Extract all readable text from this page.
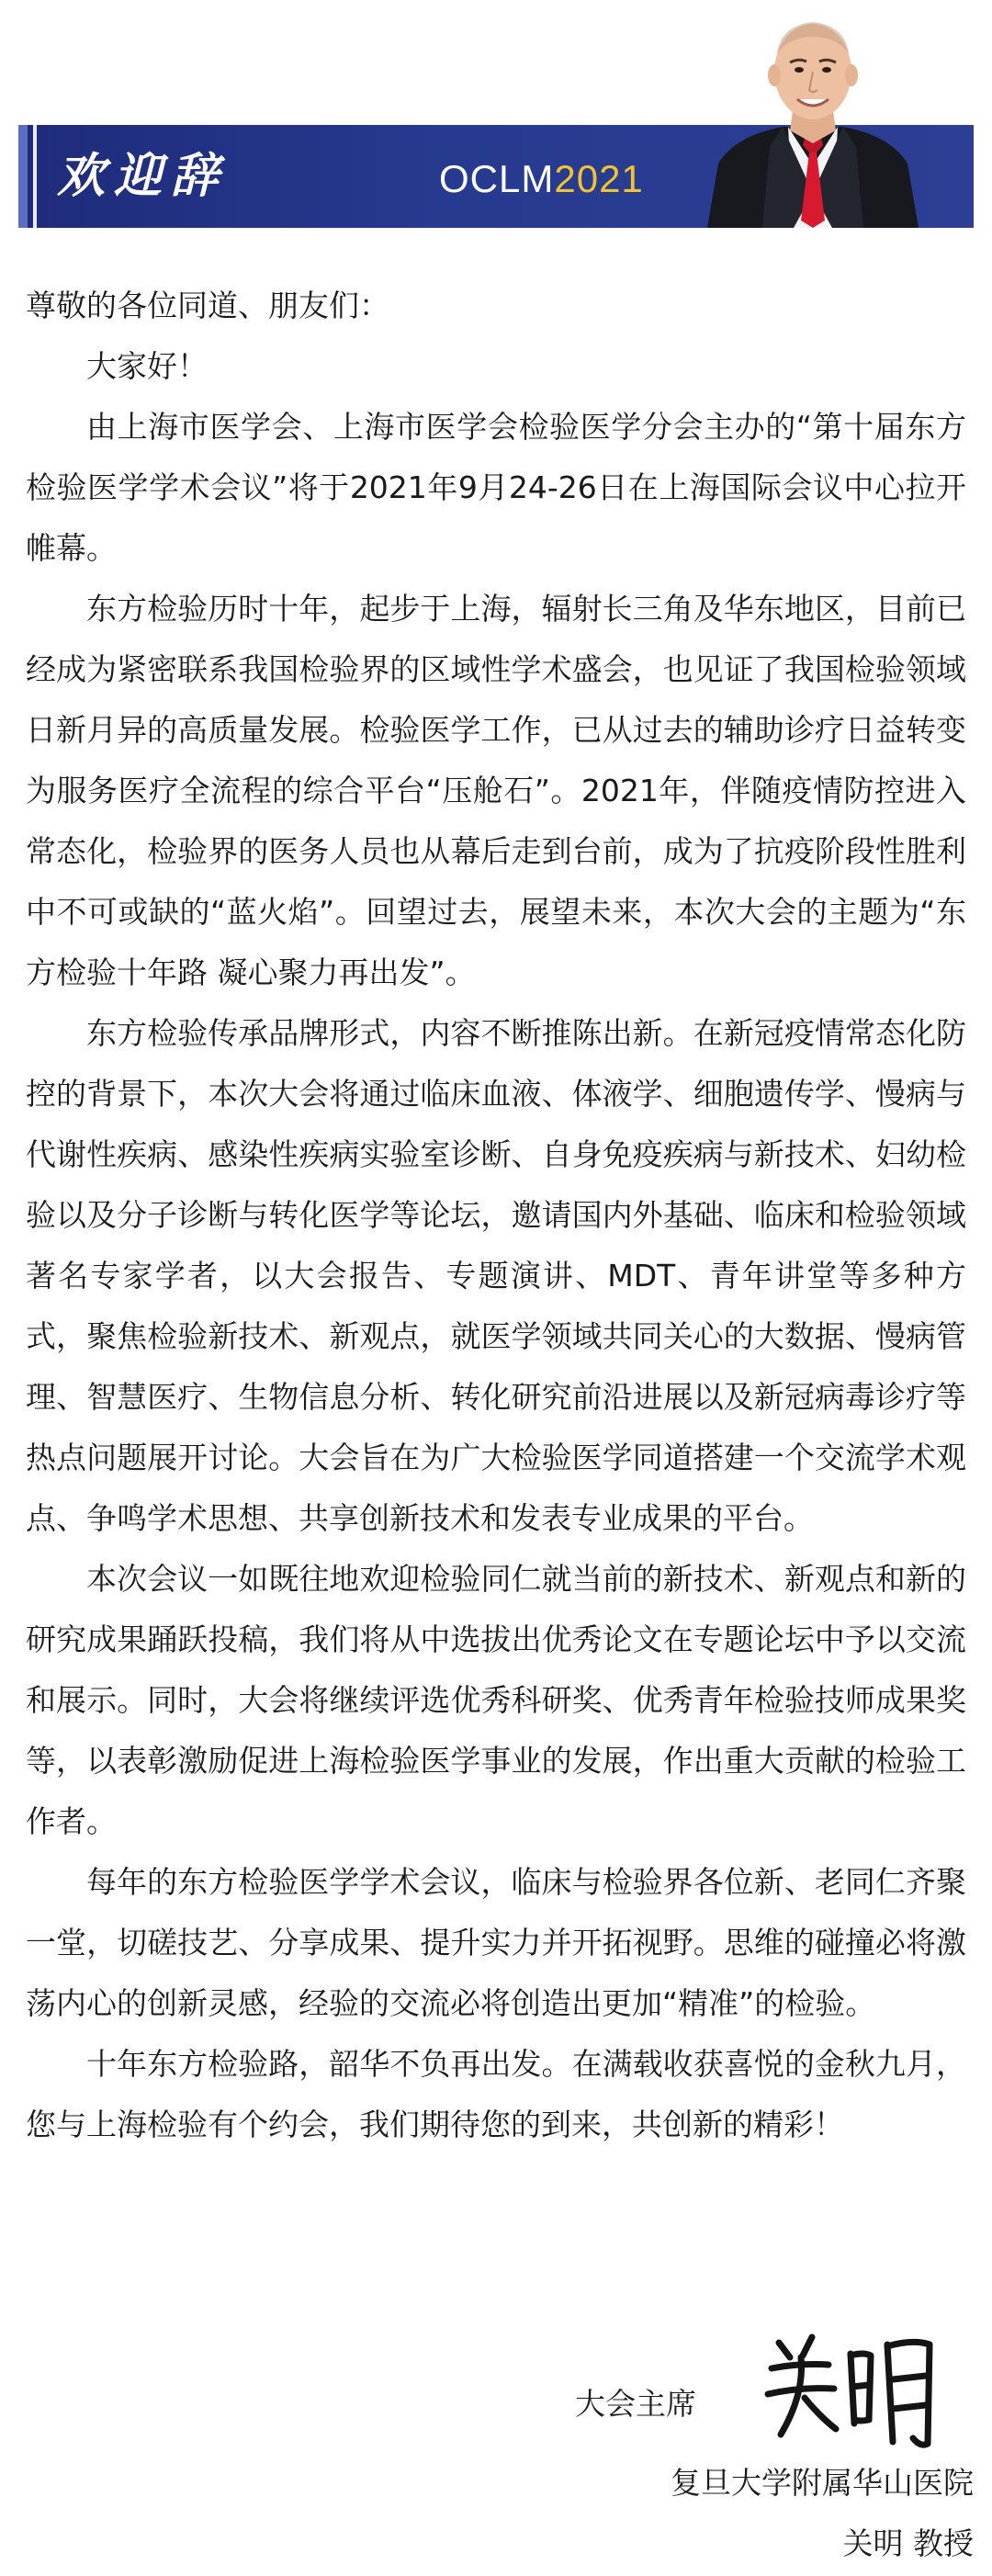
欢迎辞	OCLM2021

尊敬的各位同道、朋友们：

大家好！

由上海市医学会、上海市医学会检验医学分会主办的“第十届东方检验医学学术会议”将于2021年9月24-26日在上海国际会议中心拉开帷幕。

东方检验历时十年，起步于上海，辐射长三角及华东地区，目前已经成为紧密联系我国检验界的区域性学术盛会，也见证了我国检验领域日新月异的高质量发展。检验医学工作，已从过去的辅助诊疗日益转变为服务医疗全流程的综合平台“压舱石”。2021年，伴随疫情防控进入常态化，检验界的医务人员也从幕后走到台前，成为了抗疫阶段性胜利中不可或缺的“蓝火焰”。回望过去，展望未来，本次大会的主题为“东方检验十年路 凝心聚力再出发”。

东方检验传承品牌形式，内容不断推陈出新。在新冠疫情常态化防控的背景下，本次大会将通过临床血液、体液学、细胞遗传学、慢病与代谢性疾病、感染性疾病实验室诊断、自身免疫疾病与新技术、妇幼检验以及分子诊断与转化医学等论坛，邀请国内外基础、临床和检验领域著名专家学者，以大会报告、专题演讲、MDT、青年讲堂等多种方式，聚焦检验新技术、新观点，就医学领域共同关心的大数据、慢病管理、智慧医疗、生物信息分析、转化研究前沿进展以及新冠病毒诊疗等热点问题展开讨论。大会旨在为广大检验医学同道搭建一个交流学术观点、争鸣学术思想、共享创新技术和发表专业成果的平台。

本次会议一如既往地欢迎检验同仁就当前的新技术、新观点和新的研究成果踊跃投稿，我们将从中选拔出优秀论文在专题论坛中予以交流和展示。同时，大会将继续评选优秀科研奖、优秀青年检验技师成果奖等，以表彰激励促进上海检验医学事业的发展，作出重大贡献的检验工作者。

每年的东方检验医学学术会议，临床与检验界各位新、老同仁齐聚一堂，切磋技艺、分享成果、提升实力并开拓视野。思维的碰撞必将激荡内心的创新灵感，经验的交流必将创造出更加“精准”的检验。

十年东方检验路，韶华不负再出发。在满载收获喜悦的金秋九月，您与上海检验有个约会，我们期待您的到来，共创新的精彩！

大会主席
复旦大学附属华山医院
关明 教授
